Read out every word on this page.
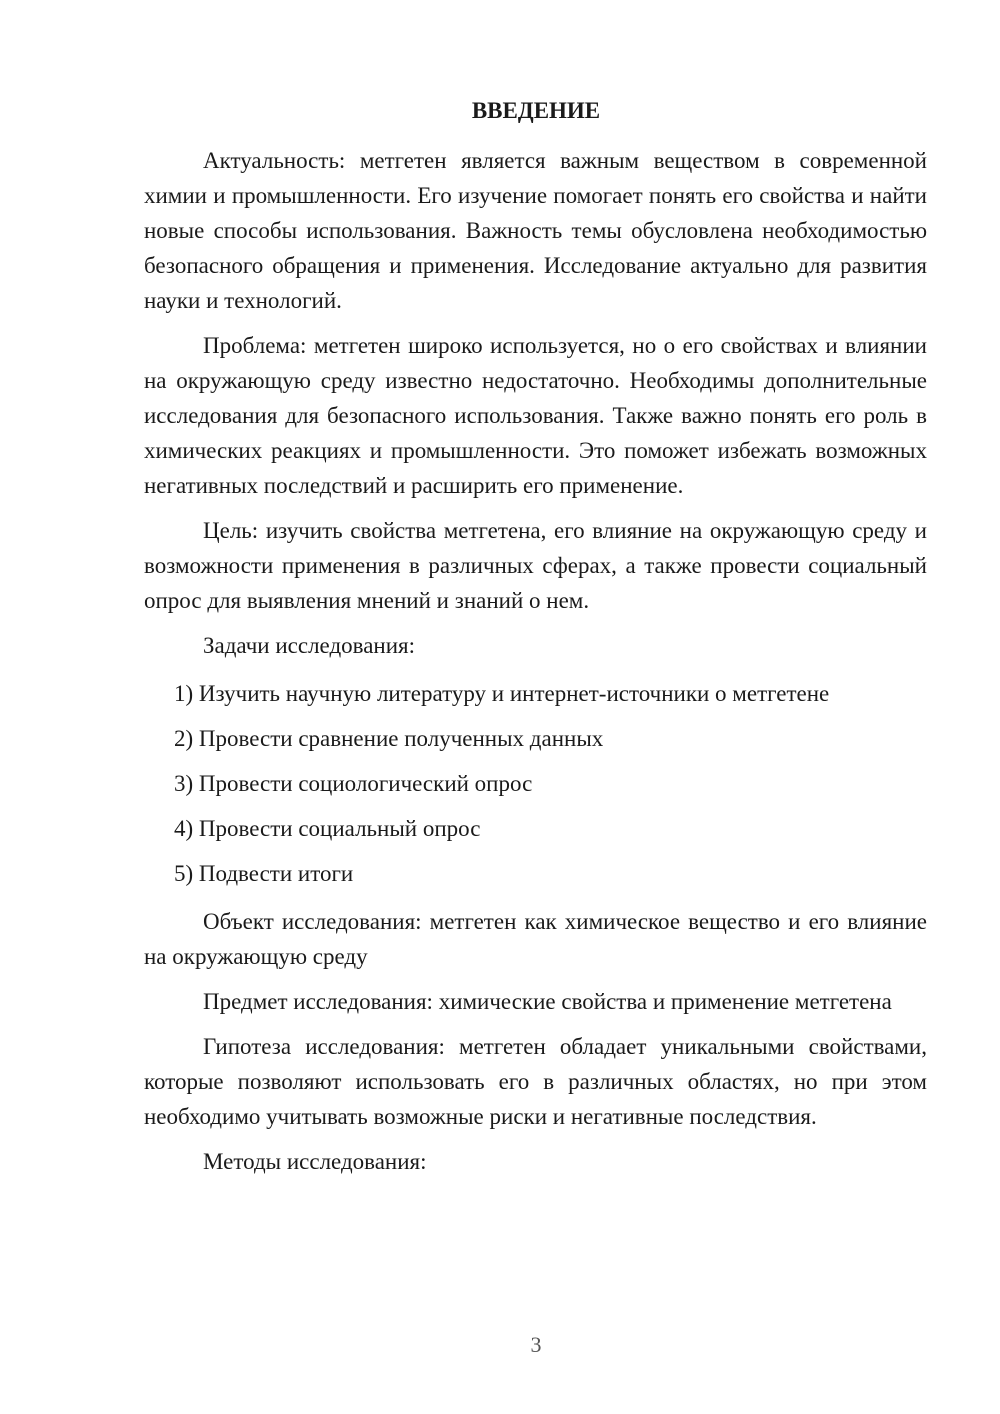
ВВЕДЕНИЕ

Актуальность: метгетен является важным веществом в современной химии и промышленности. Его изучение помогает понять его свойства и найти новые способы использования. Важность темы обусловлена необходимостью безопасного обращения и применения. Исследование актуально для развития науки и технологий.

Проблема: метгетен широко используется, но о его свойствах и влиянии на окружающую среду известно недостаточно. Необходимы дополнительные исследования для безопасного использования. Также важно понять его роль в химических реакциях и промышленности. Это поможет избежать возможных негативных последствий и расширить его применение.

Цель: изучить свойства метгетена, его влияние на окружающую среду и возможности применения в различных сферах, а также провести социальный опрос для выявления мнений и знаний о нем.

Задачи исследования:

1) Изучить научную литературу и интернет-источники о метгетене

2) Провести сравнение полученных данных

3) Провести социологический опрос

4) Провести социальный опрос

5) Подвести итоги

Объект исследования: метгетен как химическое вещество и его влияние на окружающую среду

Предмет исследования: химические свойства и применение метгетена

Гипотеза исследования: метгетен обладает уникальными свойствами, которые позволяют использовать его в различных областях, но при этом необходимо учитывать возможные риски и негативные последствия.

Методы исследования:

3
